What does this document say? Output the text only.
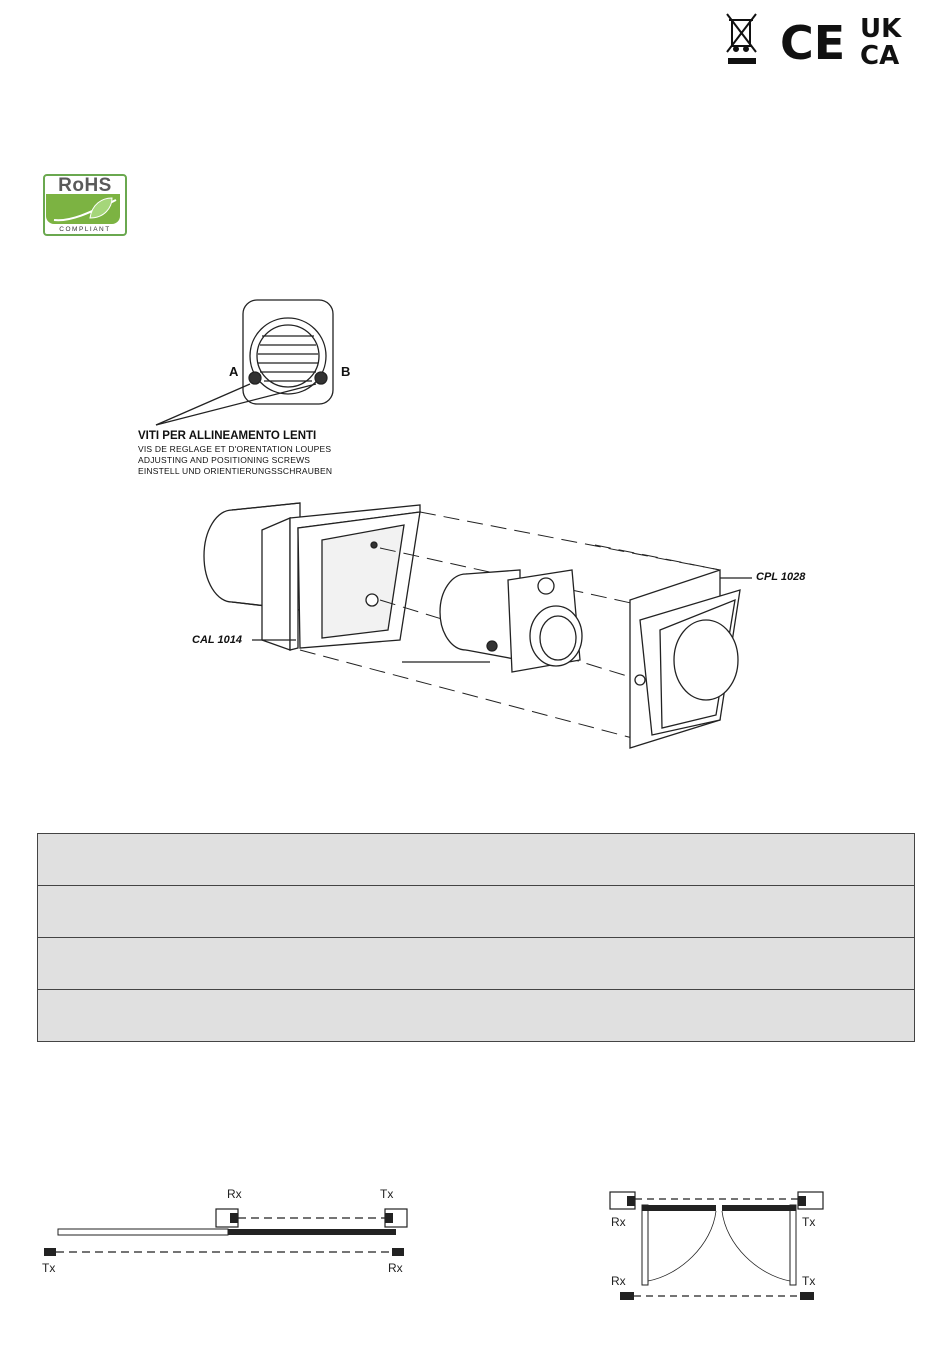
CE UK
CA
RoHS
COMPLIANT
A	B
VITI PER ALLINEAMENTO LENTI
VIS DE REGLAGE ET D'ORENTATION LOUPES
ADJUSTING AND POSITIONING SCREWS
EINSTELL UND ORIENTIERUNGSSCHRAUBEN
CAL 1014
CPL 1028

Rx	Tx
Tx	Rx
Rx	Tx
Rx	Tx
